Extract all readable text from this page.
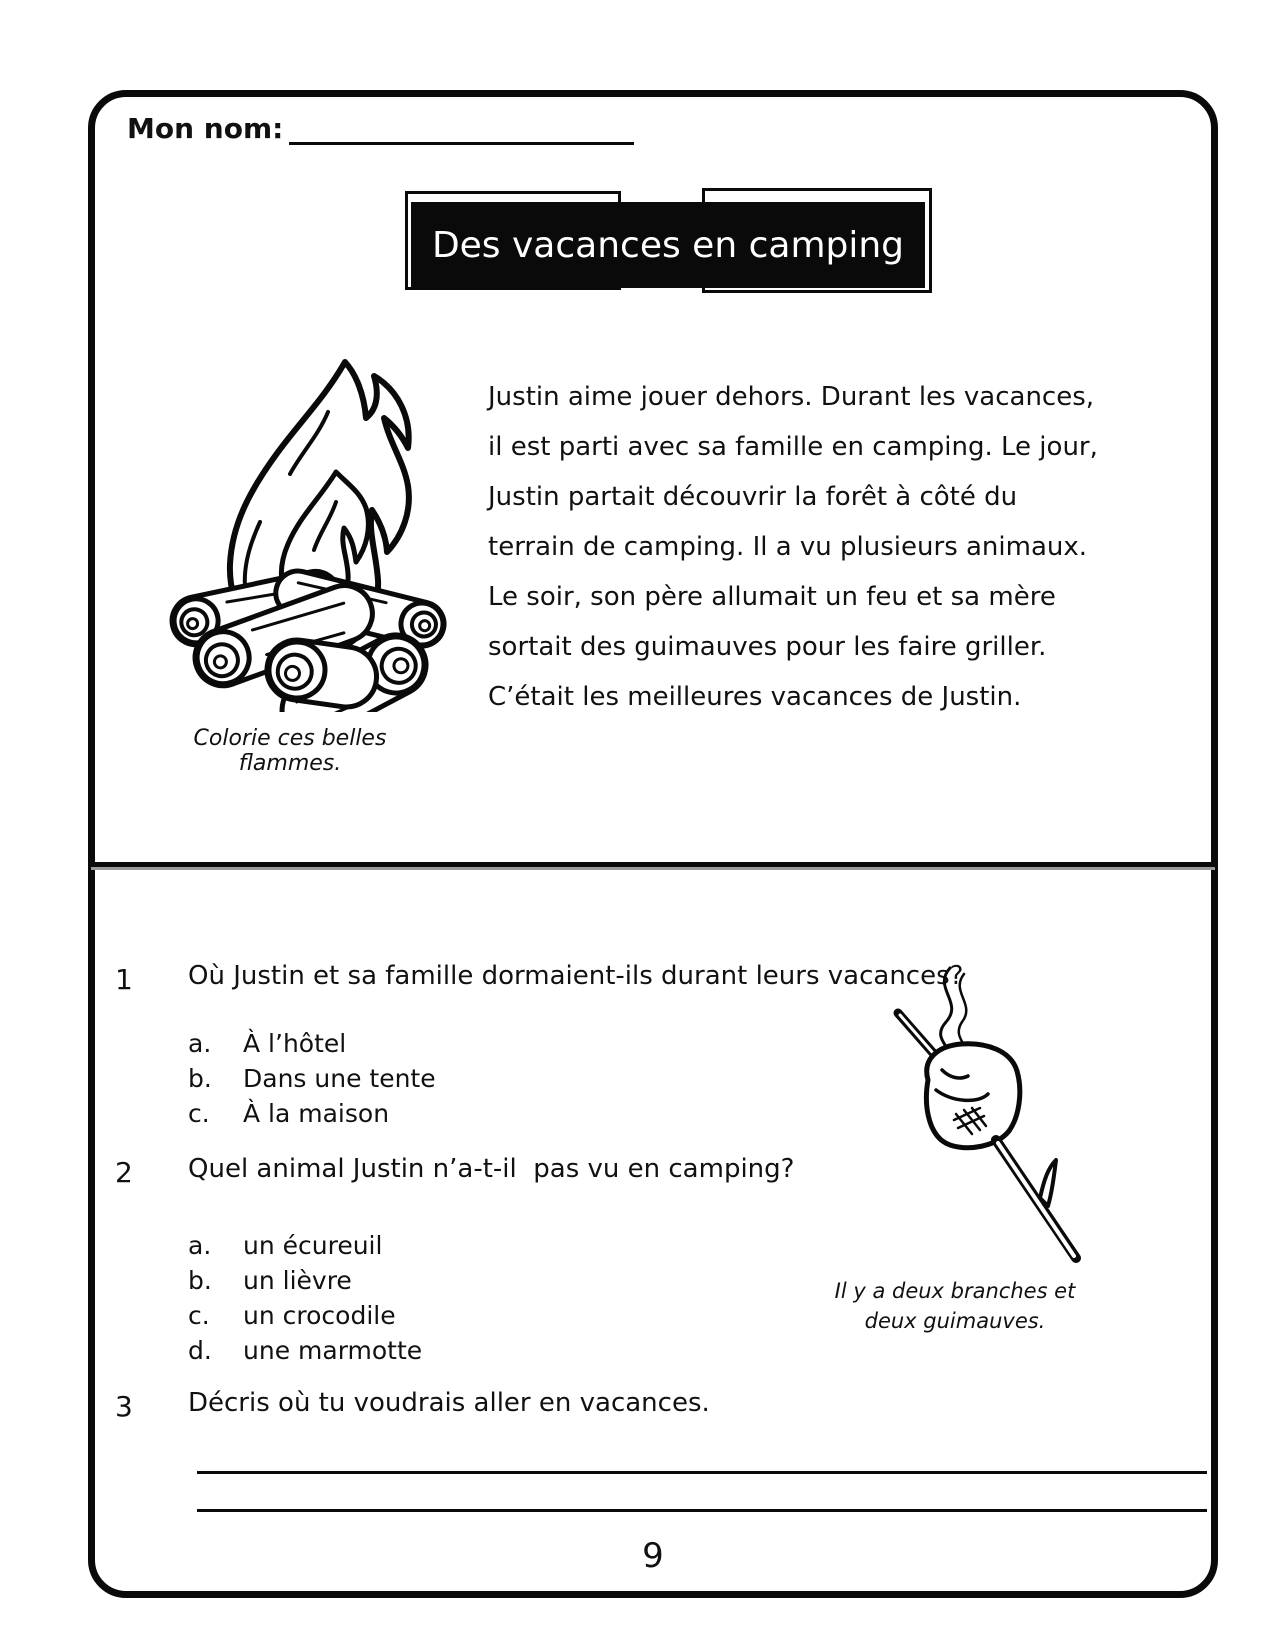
Mon nom:
Des vacances en camping
Colorie ces belles flammes.
Justin aime jouer dehors. Durant les vacances,
il est parti avec sa famille en camping. Le jour,
Justin partait découvrir la forêt à côté du
terrain de camping. Il a vu plusieurs animaux.
Le soir, son père allumait un feu et sa mère
sortait des guimauves pour les faire griller.
C’était les meilleures vacances de Justin.
1 Où Justin et sa famille dormaient-ils durant leurs vacances?
a. À l’hôtel
b. Dans une tente
c. À la maison
2 Quel animal Justin n’a-t-il  pas vu en camping?
a. un écureuil
b. un lièvre
c. un crocodile
d. une marmotte
3 Décris où tu voudrais aller en vacances.
Il y a deux branches et
deux guimauves.
9
